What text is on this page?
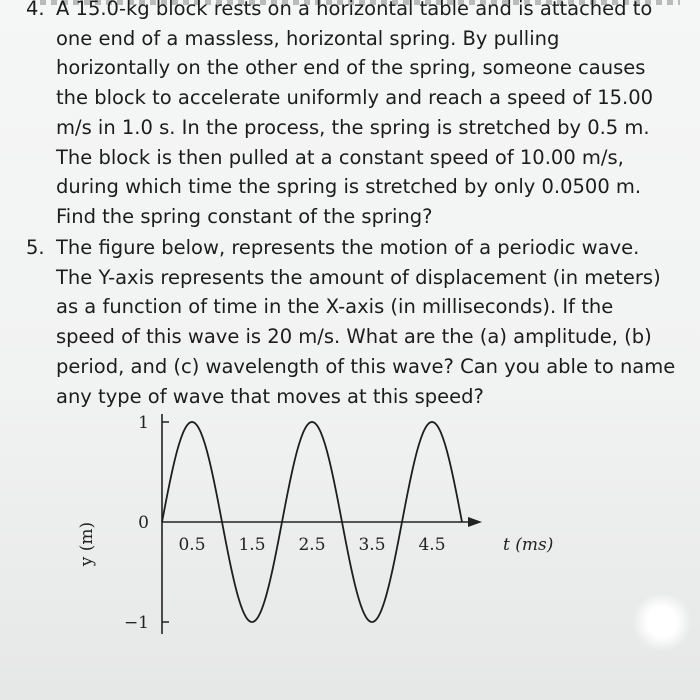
4. A 15.0-kg block rests on a horizontal table and is attached to
one end of a massless, horizontal spring. By pulling
horizontally on the other end of the spring, someone causes
the block to accelerate uniformly and reach a speed of 15.00
m/s in 1.0 s. In the process, the spring is stretched by 0.5 m.
The block is then pulled at a constant speed of 10.00 m/s,
during which time the spring is stretched by only 0.0500 m.
Find the spring constant of the spring?
5. The figure below, represents the motion of a periodic wave.
The Y-axis represents the amount of displacement (in meters)
as a function of time in the X-axis (in milliseconds). If the
speed of this wave is 20 m/s. What are the (a) amplitude, (b)
period, and (c) wavelength of this wave? Can you able to name
any type of wave that moves at this speed?
1
0
−1
0.5 1.5 2.5 3.5 4.5	t (ms)
y (m)
